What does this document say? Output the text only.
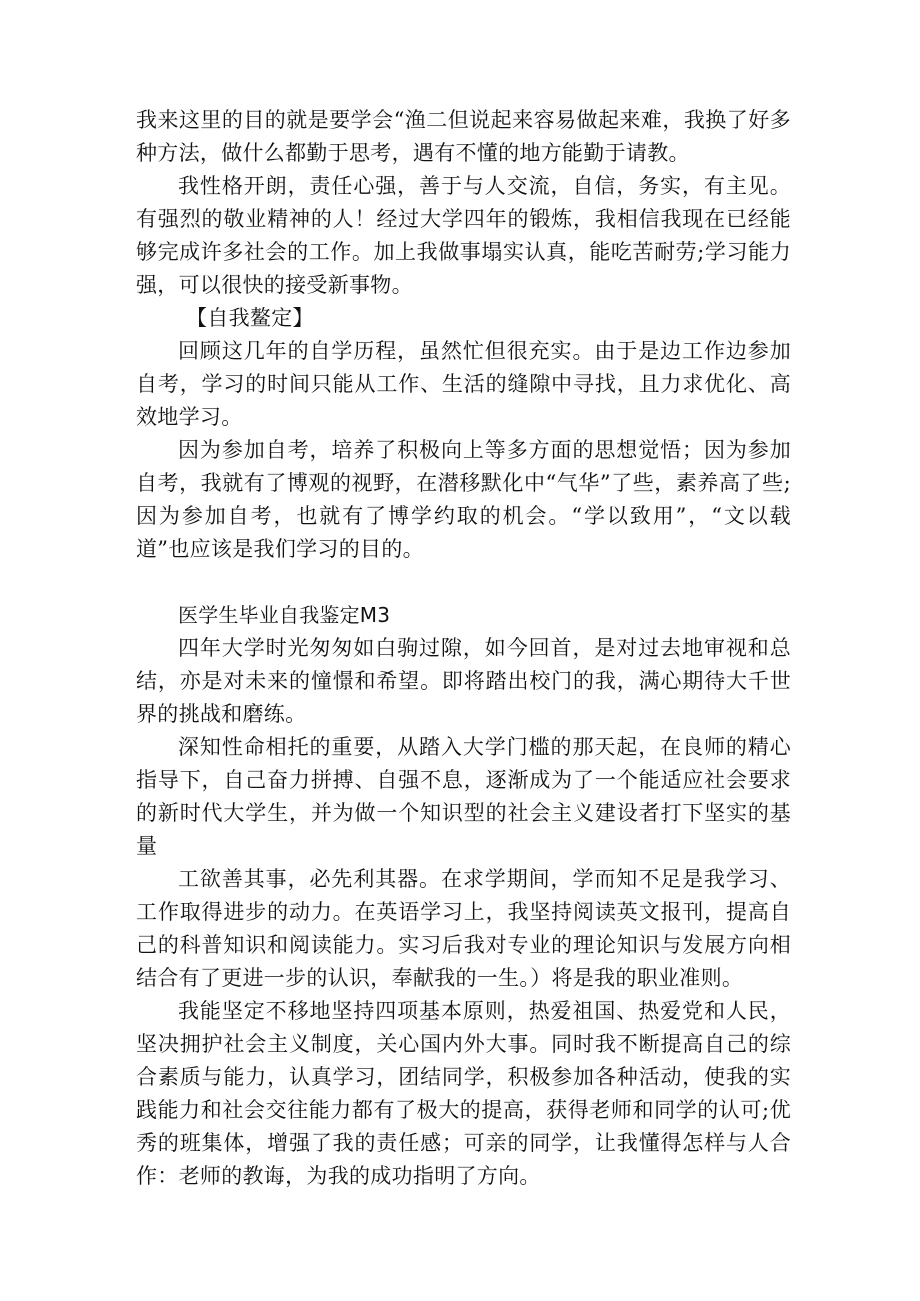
我来这里的目的就是要学会“渔二但说起来容易做起来难，我换了好多种方法，做什么都勤于思考，遇有不懂的地方能勤于请教。

我性格开朗，责任心强，善于与人交流，自信，务实，有主见。有强烈的敬业精神的人！经过大学四年的锻炼，我相信我现在已经能够完成许多社会的工作。加上我做事塌实认真，能吃苦耐劳;学习能力强，可以很快的接受新事物。

【自我鳌定】

回顾这几年的自学历程，虽然忙但很充实。由于是边工作边参加自考，学习的时间只能从工作、生活的缝隙中寻找，且力求优化、高效地学习。

因为参加自考，培养了积极向上等多方面的思想觉悟；因为参加自考，我就有了博观的视野，在潜移默化中“气华”了些，素养高了些;因为参加自考，也就有了博学约取的机会。“学以致用”，“文以载道”也应该是我们学习的目的。

医学生毕业自我鉴定M3

四年大学时光匆匆如白驹过隙，如今回首，是对过去地审视和总结，亦是对未来的憧憬和希望。即将踏出校门的我，满心期待大千世界的挑战和磨练。

深知性命相托的重要，从踏入大学门槛的那天起，在良师的精心指导下，自己奋力拼搏、自强不息，逐渐成为了一个能适应社会要求的新时代大学生，并为做一个知识型的社会主义建设者打下坚实的基量

工欲善其事，必先利其器。在求学期间，学而知不足是我学习、工作取得进步的动力。在英语学习上，我坚持阅读英文报刊，提高自己的科普知识和阅读能力。实习后我对专业的理论知识与发展方向相结合有了更进一步的认识，奉献我的一生。）将是我的职业准则。

我能坚定不移地坚持四项基本原则，热爱祖国、热爱党和人民，坚决拥护社会主义制度，关心国内外大事。同时我不断提高自己的综合素质与能力，认真学习，团结同学，积极参加各种活动，使我的实践能力和社会交往能力都有了极大的提高，获得老师和同学的认可;优秀的班集体，增强了我的责任感；可亲的同学，让我懂得怎样与人合作：老师的教诲，为我的成功指明了方向。
